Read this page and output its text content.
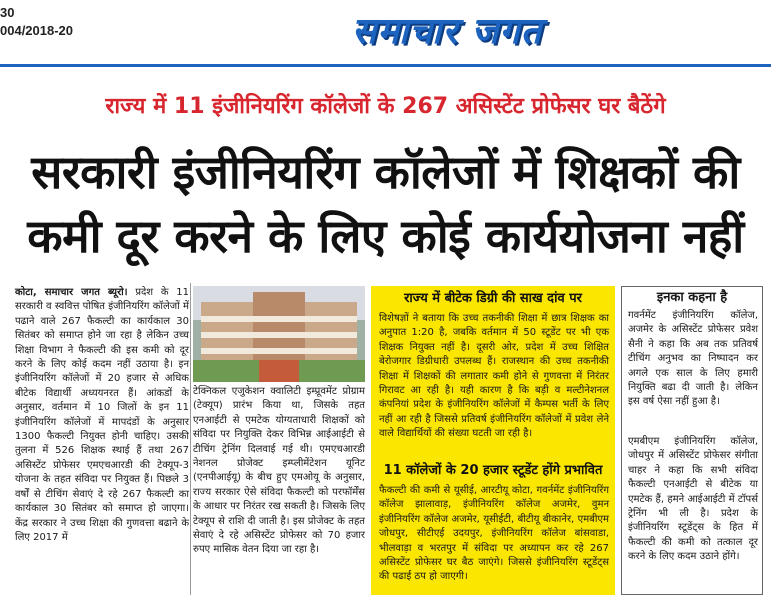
30
004/2018-20	समाचार जगत
राज्य में 11 इंजीनियरिंग कॉलेजों के 267 असिस्टेंट प्रोफेसर घर बैठेंगे
सरकारी इंजीनियरिंग कॉलेजों में शिक्षकों की
कमी दूर करने के लिए कोई कार्ययोजना नहीं
कोटा, समाचार जगत ब्यूरो। प्रदेश के 11 सरकारी व स्ववित्त पोषित इंजीनियरिंग कॉलेजों में पढाने वाले 267 फैकल्टी का कार्यकाल 30 सितंबर को समाप्त होने जा रहा है लेकिन उच्च शिक्षा विभाग ने फैकल्टी की इस कमी को दूर करने के लिए कोई कदम नहीं उठाया है। इन इंजीनियरिंग कॉलेजों में 20 हजार से अधिक बीटेक विद्यार्थी अध्ययनरत हैं। आंकडों के अनुसार, वर्तमान में 10 जिलों के इन 11 इंजीनियरिंग कॉलेजों में मापदंडों के अनुसार 1300 फैकल्टी नियुक्त होनी चाहिए। उसकी तुलना में 526 शिक्षक स्थाई हैं तथा 267 असिस्टेंट प्रोफेसर एमएचआरडी की टेक्यूप-3 योजना के तहत संविदा पर नियुक्त हैं। पिछले 3 वर्षों से टीचिंग सेवाएं दे रहे 267 फैकल्टी का कार्यकाल 30 सितंबर को समाप्त हो जाएगा। केंद्र सरकार ने उच्च शिक्षा की गुणवत्ता बढाने के लिए 2017 में
टेक्निकल एजुकेशन क्वालिटी इम्प्रूवमेंट प्रोग्राम (टेक्यूप) प्रारंभ किया था, जिसके तहत एनआईटी से एमटेक योग्यताधारी शिक्षकों को संविदा पर नियुक्ति देकर विभिन्न आईआईटी से टीचिंग ट्रेनिंग दिलवाई गई थी। एमएचआरडी नेशनल प्रोजेक्ट इम्प्लीमेंटेशन यूनिट (एनपीआईयू) के बीच हुए एमओयू के अनुसार, राज्य सरकार ऐसे संविदा फैकल्टी को परफॉर्मेंस के आधार पर निरंतर रख सकती है। जिसके लिए टेक्यूप से राशि दी जाती है। इस प्रोजेक्ट के तहत सेवाएं दे रहे असिस्टेंट प्रोफेसर को 70 हजार रुपए मासिक वेतन दिया जा रहा है।
राज्य में बीटेक डिग्री की साख दांव पर
विशेषज्ञों ने बताया कि उच्च तकनीकी शिक्षा में छात्र शिक्षक का अनुपात 1:20 है, जबकि वर्तमान में 50 स्टूडेंट पर भी एक शिक्षक नियुक्त नहीं है। दूसरी ओर, प्रदेश में उच्च शिक्षित बेरोजगार डिग्रीधारी उपलब्ध हैं। राजस्थान की उच्च तकनीकी शिक्षा में शिक्षकों की लगातार कमी होने से गुणवत्ता में निरंतर गिरावट आ रही है। यही कारण है कि बड़ी व मल्टीनेशनल कंपनियां प्रदेश के इंजीनियरिंग कॉलेजों में कैम्पस भर्ती के लिए नहीं आ रही है जिससे प्रतिवर्ष इंजीनियरिंग कॉलेजों में प्रवेश लेने वाले विद्यार्थियों की संख्या घटती जा रही है।
11 कॉलेजों के 20 हजार स्टूडेंट होंगे प्रभावित
फैकल्टी की कमी से यूसीई, आरटीयू कोटा, गवर्नमेंट इंजीनियरिंग कॉलेज झालावाड़, इंजीनियरिंग कॉलेज अजमेर, वुमन इंजीनियरिंग कॉलेज अजमेर, यूसीईटी, बीटीयू बीकानेर, एमबीएम जोधपुर, सीटीएई उदयपुर, इंजीनियरिंग कॉलेज बांसवाडा, भीलवाड़ा व भरतपुर में संविदा पर अध्यापन कर रहे 267 असिस्टेंट प्रोफेसर घर बैठ जाएंगे। जिससे इंजीनियरिंग स्टूडेंट्स की पढाई ठप हो जाएगी।
इनका कहना है
गवर्नमेंट इंजीनियरिंग कॉलेज, अजमेर के असिस्टेंट प्रोफेसर प्रवेश सैनी ने कहा कि अब तक प्रतिवर्ष टीचिंग अनुभव का निष्पादन कर अगले एक साल के लिए हमारी नियुक्ति बढा दी जाती है। लेकिन इस वर्ष ऐसा नहीं हुआ है।
एमबीएम इंजीनियरिंग कॉलेज, जोधपुर में असिस्टेंट प्रोफेसर संगीता चाहर ने कहा कि सभी संविदा फैकल्टी एनआईटी से बीटेक या एमटेक हैं, हमने आईआईटी में टॉपर्स ट्रेनिंग भी ली है। प्रदेश के इंजीनियरिंग स्टूडेंट्स के हित में फैकल्टी की कमी को तत्काल दूर करने के लिए कदम उठाने होंगे।
